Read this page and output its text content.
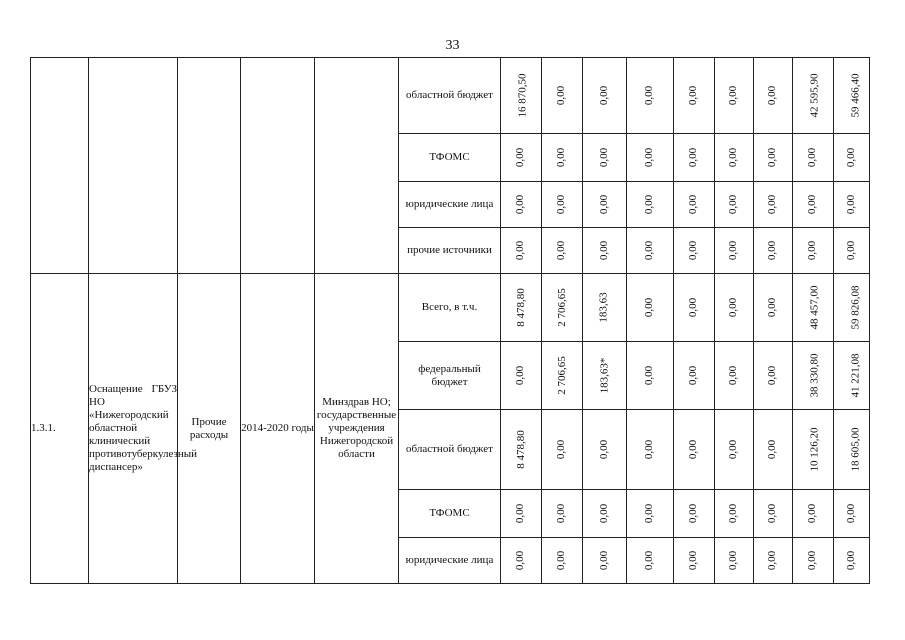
33
					областной бюджет	16 870,50	0,00	0,00	0,00	0,00	0,00	0,00	42 595,90	59 466,40
					ТФОМС	0,00	0,00	0,00	0,00	0,00	0,00	0,00	0,00	0,00
					юридические лица	0,00	0,00	0,00	0,00	0,00	0,00	0,00	0,00	0,00
					прочие источники	0,00	0,00	0,00	0,00	0,00	0,00	0,00	0,00	0,00
1.3.1.	Оснащение ГБУЗ НО «Нижегородский областной клинический противотуберкулезный диспансер»	Прочие расходы	2014-2020 годы	Минздрав НО; государственные учреждения Нижегородской области	Всего, в т.ч.	8 478,80	2 706,65	183,63	0,00	0,00	0,00	0,00	48 457,00	59 826,08
					федеральный бюджет	0,00	2 706,65	183,63*	0,00	0,00	0,00	0,00	38 330,80	41 221,08
					областной бюджет	8 478,80	0,00	0,00	0,00	0,00	0,00	0,00	10 126,20	18 605,00
					ТФОМС	0,00	0,00	0,00	0,00	0,00	0,00	0,00	0,00	0,00
					юридические лица	0,00	0,00	0,00	0,00	0,00	0,00	0,00	0,00	0,00
